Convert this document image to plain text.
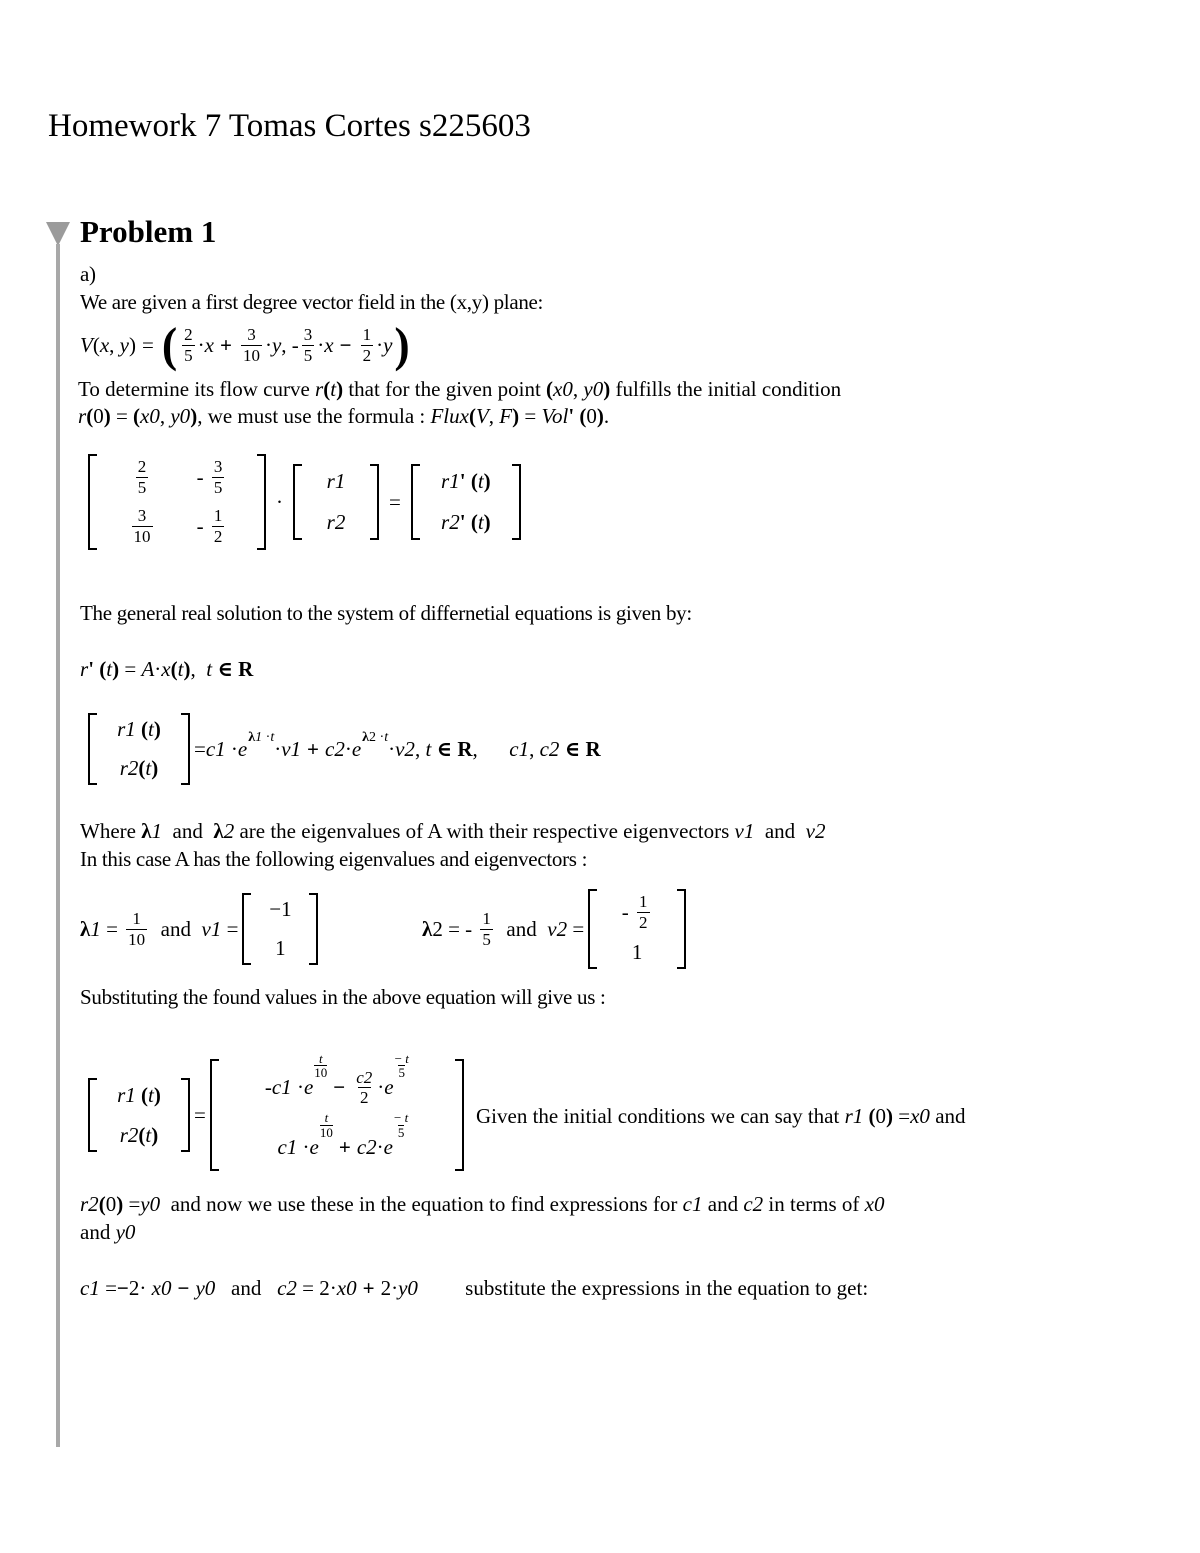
Homework 7 Tomas Cortes s225603
Problem 1
a)
We are given a first degree vector field in the (x,y) plane:
V ( x , y ) = ( $\frac{2}{5} \cdot x + \frac{3}{10} \cdot y$ , - $\frac{3}{5} \cdot x - \frac{1}{2} \cdot y$ )
To determine its flow curve
r ( t )
that for the given point
( x0 , y0 )
fulfills the initial condition
r ( 0 ) = ( x0 , y0 ) , we must use the formula :
Flux ( V , F ) = Vol '
( 0 ) .
$\frac{2}{5} - \frac{3}{5}$
$\frac{3}{10} - \frac{1}{2}$
·
r1
r2
=
r1 '
( t )
r2 '
( t )
The general real solution to the system of differnetial equations is given by:
r '
( t ) = A · x ( t ) , t
∈
R
r1
( t )
r2 ( t )
= c1 · e λ1 ·t · v1 + c2 · e λ2 ·t · v2 , t
∈
R , c1 , c2
∈
R
Where
λ 1
and
λ 2
are the eigenvalues of A with their respective eigenvectors
v1 and v2
In this case A has the following eigenvalues and eigenvectors :
λ $1 = \frac{1}{10}$ and v1 =
−1
1
λ 2 = - $\frac{1}{5}$ and v2 =
- $\frac{1}{2}$
1
Substituting the found values in the above equation will give us :
r1
( t )
r2 ( t )
=
- c1 · e
t
10
− $\frac{c2}{2} \cdot e$
− t
5
c1 · e
t
10
+ c2 · e
− t
5
Given the initial conditions we can say that
r1
( 0 ) = x0
and
r2 ( 0 ) = y0
and now we use these in the equation to find expressions for
c1 and c2
in terms of
x0
and
y0
c1 = − 2· x0 − y0 and c2 = 2· x0 + 2· y0
substitute the expressions in the equation to get:
